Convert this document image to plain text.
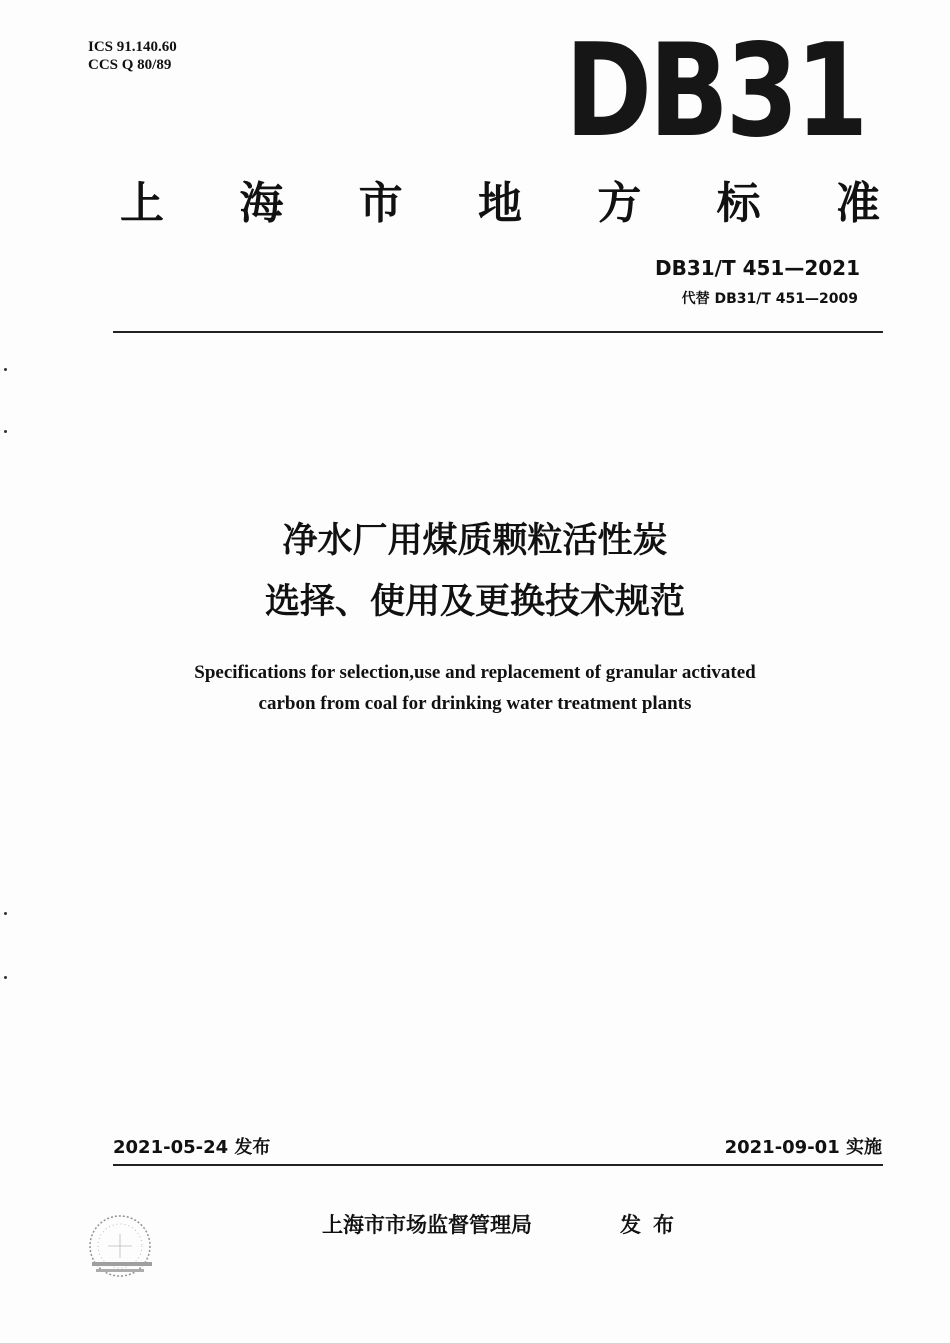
ICS 91.140.60
CCS Q 80/89	DB31
上 海 市 地 方 标 准
DB31/T 451—2021
代替 DB31/T 451—2009
净水厂用煤质颗粒活性炭
选择、使用及更换技术规范
Specifications for selection,use and replacement of granular activated
carbon from coal for drinking water treatment plants
2021-05-24 发布	2021-09-01 实施
上海市市场监督管理局	发布
